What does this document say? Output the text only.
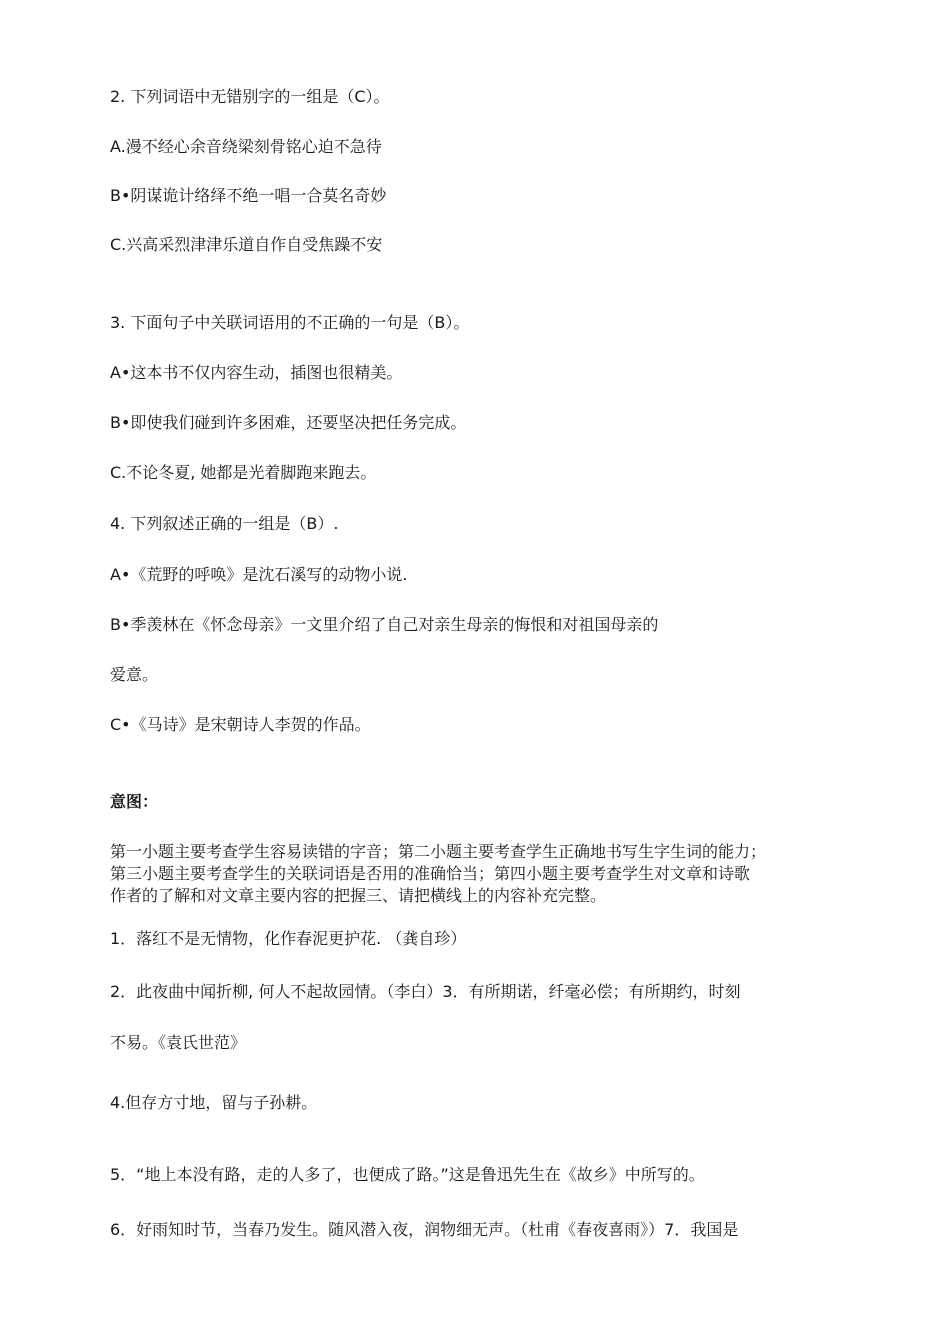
2. 下列词语中无错别字的一组是（C）。
A.漫不经心余音绕梁刻骨铭心迫不急待
B•阴谋诡计络绎不绝一唱一合莫名奇妙
C.兴高采烈津津乐道自作自受焦躁不安
3. 下面句子中关联词语用的不正确的一句是（B）。
A•这本书不仅内容生动，插图也很精美。
B•即使我们碰到许多困难，还要坚决把任务完成。
C.不论冬夏, 她都是光着脚跑来跑去。
4. 下列叙述正确的一组是（B）.
A•《荒野的呼唤》是沈石溪写的动物小说.
B•季羡林在《怀念母亲》一文里介绍了自己对亲生母亲的悔恨和对祖国母亲的
爱意。
C•《马诗》是宋朝诗人李贺的作品。
意图：
第一小题主要考查学生容易读错的字音；第二小题主要考查学生正确地书写生字生词的能力；
第三小题主要考查学生的关联词语是否用的准确恰当；第四小题主要考查学生对文章和诗歌
作者的了解和对文章主要内容的把握三、请把横线上的内容补充完整。
1．落红不是无情物，化作春泥更护花. （龚自珍）
2．此夜曲中闻折柳, 何人不起故园情。（李白）3．有所期诺，纤毫必偿；有所期约，时刻
不易。《袁氏世范》
4.但存方寸地，留与子孙耕。
5．“地上本没有路，走的人多了，也便成了路。”这是鲁迅先生在《故乡》中所写的。
6．好雨知时节，当春乃发生。随风潜入夜，润物细无声。（杜甫《春夜喜雨》）7．我国是
